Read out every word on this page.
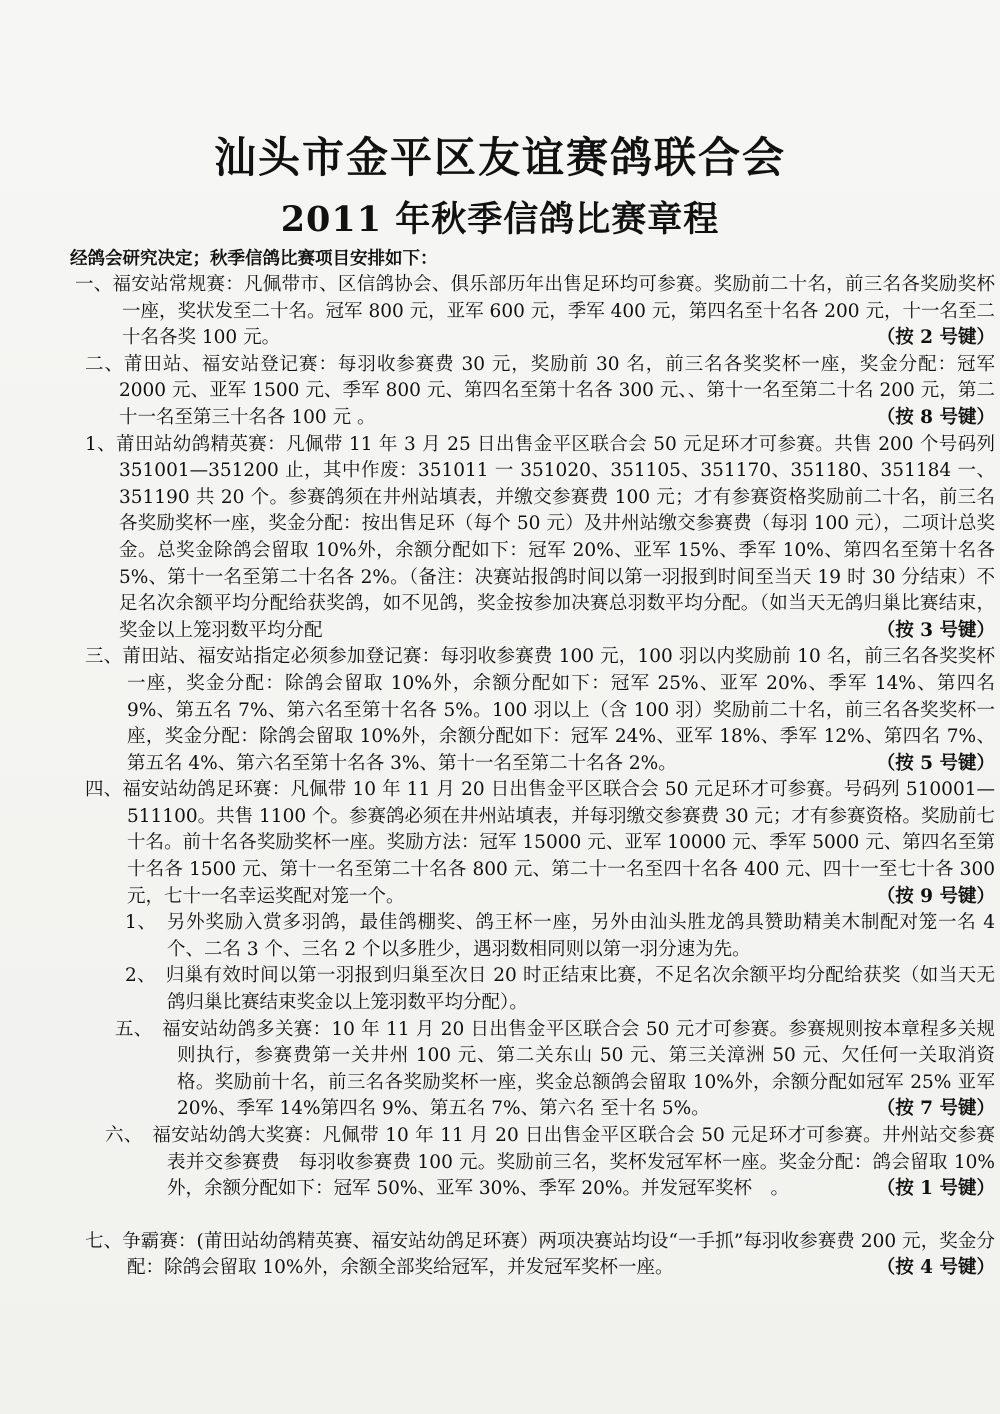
汕头市金平区友谊赛鸽联合会
2011 年秋季信鸽比赛章程

经鸽会研究决定；秋季信鸽比赛项目安排如下：

一、福安站常规赛：凡佩带市、区信鸽协会、俱乐部历年出售足环均可参赛。奖励前二十名，前三名各奖励奖杯一座，奖状发至二十名。冠军 800 元，亚军 600 元，季军 400 元，第四名至十名各 200 元，十一名至二十名各奖 100 元。	（按 2 号键）

二、莆田站、福安站登记赛：每羽收参赛费 30 元，奖励前 30 名，前三名各奖奖杯一座，奖金分配：冠军 2000 元、亚军 1500 元、季军 800 元、第四名至第十名各 300 元、、第十一名至第二十名 200 元，第二十一名至第三十名各 100 元 。	（按 8 号键）

1、莆田站幼鸽精英赛：凡佩带 11 年 3 月 25 日出售金平区联合会 50 元足环才可参赛。共售 200 个号码列 351001—351200 止，其中作废：351011 一 351020、351105、351170、351180、351184 一、351190 共 20 个。参赛鸽须在井州站填表，并缴交参赛费 100 元；才有参赛资格奖励前二十名，前三名各奖励奖杯一座，奖金分配：按出售足环（每个 50 元）及井州站缴交参赛费（每羽 100 元），二项计总奖金。总奖金除鸽会留取 10%外，余额分配如下：冠军 20%、亚军 15%、季军 10%、第四名至第十名各 5%、第十一名至第二十名各 2%。（备注：决赛站报鸽时间以第一羽报到时间至当天 19 时 30 分结束）不足名次余额平均分配给获奖鸽，如不见鸽，奖金按参加决赛总羽数平均分配。（如当天无鸽归巢比赛结束，奖金以上笼羽数平均分配	（按 3 号键）

三、莆田站、福安站指定必须参加登记赛：每羽收参赛费 100 元，100 羽以内奖励前 10 名，前三名各奖奖杯一座，奖金分配：除鸽会留取 10%外，余额分配如下：冠军 25%、亚军 20%、季军 14%、第四名 9%、第五名 7%、第六名至第十名各 5%。100 羽以上（含 100 羽）奖励前二十名，前三名各奖奖杯一座，奖金分配：除鸽会留取 10%外，余额分配如下：冠军 24%、亚军 18%、季军 12%、第四名 7%、第五名 4%、第六名至第十名各 3%、第十一名至第二十名各 2%。	（按 5 号键）

四、福安站幼鸽足环赛：凡佩带 10 年 11 月 20 日出售金平区联合会 50 元足环才可参赛。号码列 510001—511100。共售 1100 个。参赛鸽必须在井州站填表，并每羽缴交参赛费 30 元；才有参赛资格。奖励前七十名。前十名各奖励奖杯一座。奖励方法：冠军 15000 元、亚军 10000 元、季军 5000 元、第四名至第十名各 1500 元、第十一名至第二十名各 800 元、第二十一名至四十名各 400 元、四十一至七十各 300 元，七十一名幸运奖配对笼一个。	（按 9 号键）

1、　另外奖励入赏多羽鸽，最佳鸽棚奖、鸽王杯一座，另外由汕头胜龙鸽具赞助精美木制配对笼一名 4 个、二名 3 个、三名 2 个以多胜少，遇羽数相同则以第一羽分速为先。

2、　归巢有效时间以第一羽报到归巢至次日 20 时正结束比赛，不足名次余额平均分配给获奖（如当天无鸽归巢比赛结束奖金以上笼羽数平均分配）。

五、　福安站幼鸽多关赛：10 年 11 月 20 日出售金平区联合会 50 元才可参赛。参赛规则按本章程多关规则执行，参赛费第一关井州 100 元、第二关东山 50 元、第三关漳洲 50 元、欠任何一关取消资格。奖励前十名，前三名各奖励奖杯一座，奖金总额鸽会留取 10%外，余额分配如冠军 25% 亚军 20%、季军 14%第四名 9%、第五名 7%、第六名 至十名 5%。	（按 7 号键）

六、　福安站幼鸽大奖赛：凡佩带 10 年 11 月 20 日出售金平区联合会 50 元足环才可参赛。井州站交参赛表并交参赛费　每羽收参赛费 100 元。奖励前三名，奖杯发冠军杯一座。奖金分配：鸽会留取 10%外，余额分配如下：冠军 50%、亚军 30%、季军 20%。并发冠军奖杯　。	（按 1 号键）

七、争霸赛：(莆田站幼鸽精英赛、福安站幼鸽足环赛）两项决赛站均设“一手抓”每羽收参赛费 200 元，奖金分配：除鸽会留取 10%外，余额全部奖给冠军，并发冠军奖杯一座。	（按 4 号键）
